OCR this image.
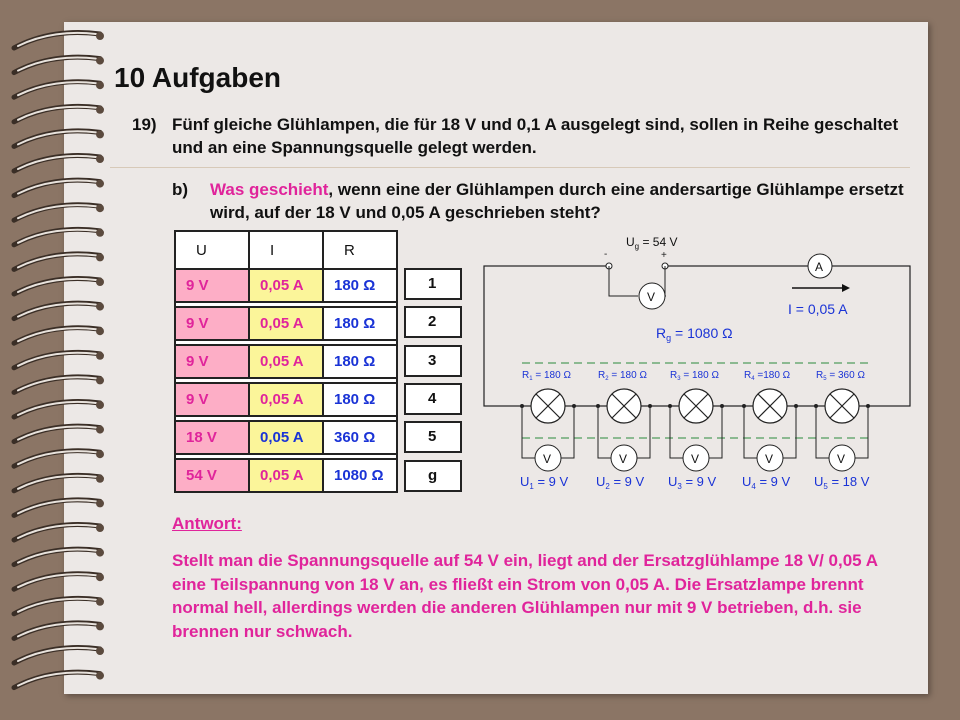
10 Aufgaben
19) Fünf gleiche Glühlampen, die für 18 V und 0,1 A ausgelegt sind, sollen in Reihe geschaltet und an eine Spannungsquelle gelegt werden.
b) Was geschieht, wenn eine der Glühlampen durch eine andersartige Glühlampe ersetzt wird, auf der 18 V und 0,05 A geschrieben steht?
U	I	R
9 V	0,05 A	180 Ω

9 V	0,05 A	180 Ω

9 V	0,05 A	180 Ω

9 V	0,05 A	180 Ω

18 V	0,05 A	360 Ω

54 V	0,05 A	1080 Ω
1
2
3
4
5
g
-	+
$U_g = 54$ V
V
A
I = 0,05 A
$R_g = 1080$ Ω
V
$R_1 = 180$ Ω
$U_1 = 9$ V
V
$R_2 = 180$ Ω
$U_2 = 9$ V
V
$R_3 = 180$ Ω
$U_3 = 9$ V
V
$R_4 =180$ Ω
$U_4 = 9$ V
V
$R_5 = 360$ Ω
$U_5 = 18$ V
Antwort:
Stellt man die Spannungsquelle auf 54 V ein, liegt and der Ersatzglühlampe 18 V/ 0,05 A eine Teilspannung von 18 V an, es fließt ein Strom von 0,05 A. Die Ersatzlampe brennt normal hell, allerdings werden die anderen Glühlampen nur mit 9 V betrieben, d.h. sie brennen nur schwach.
